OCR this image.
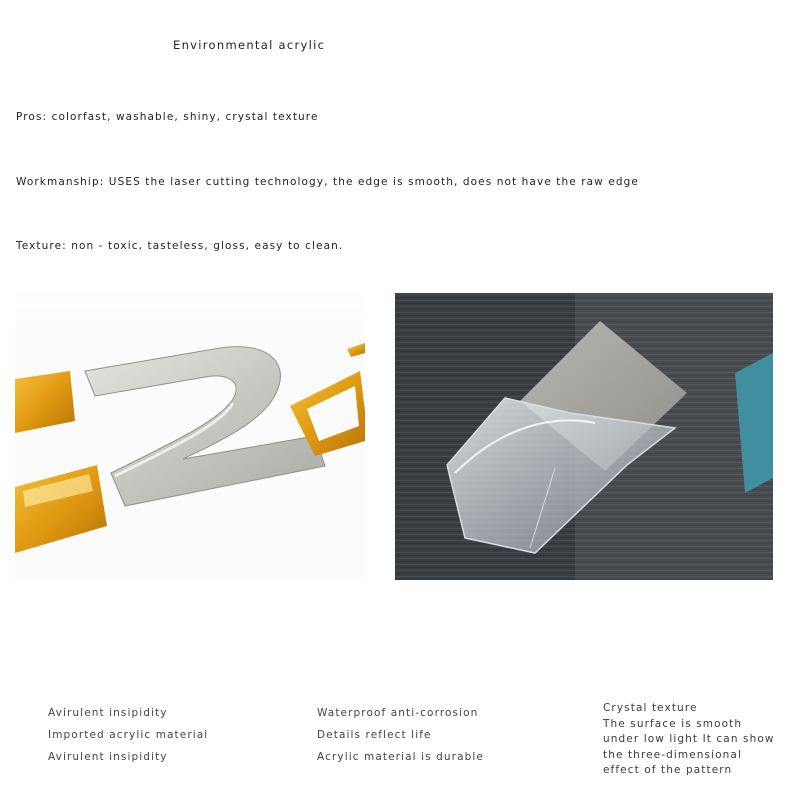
Environmental acrylic
Pros: colorfast, washable, shiny, crystal texture
Workmanship: USES the laser cutting technology, the edge is smooth, does not have the raw edge
Texture: non - toxic, tasteless, gloss, easy to clean.
Avirulent insipidity
Imported acrylic material
Avirulent insipidity
Waterproof anti-corrosion
Details reflect life
Acrylic material is durable
Crystal texture
The surface is smooth
under low light It can show
the three-dimensional
effect of the pattern
